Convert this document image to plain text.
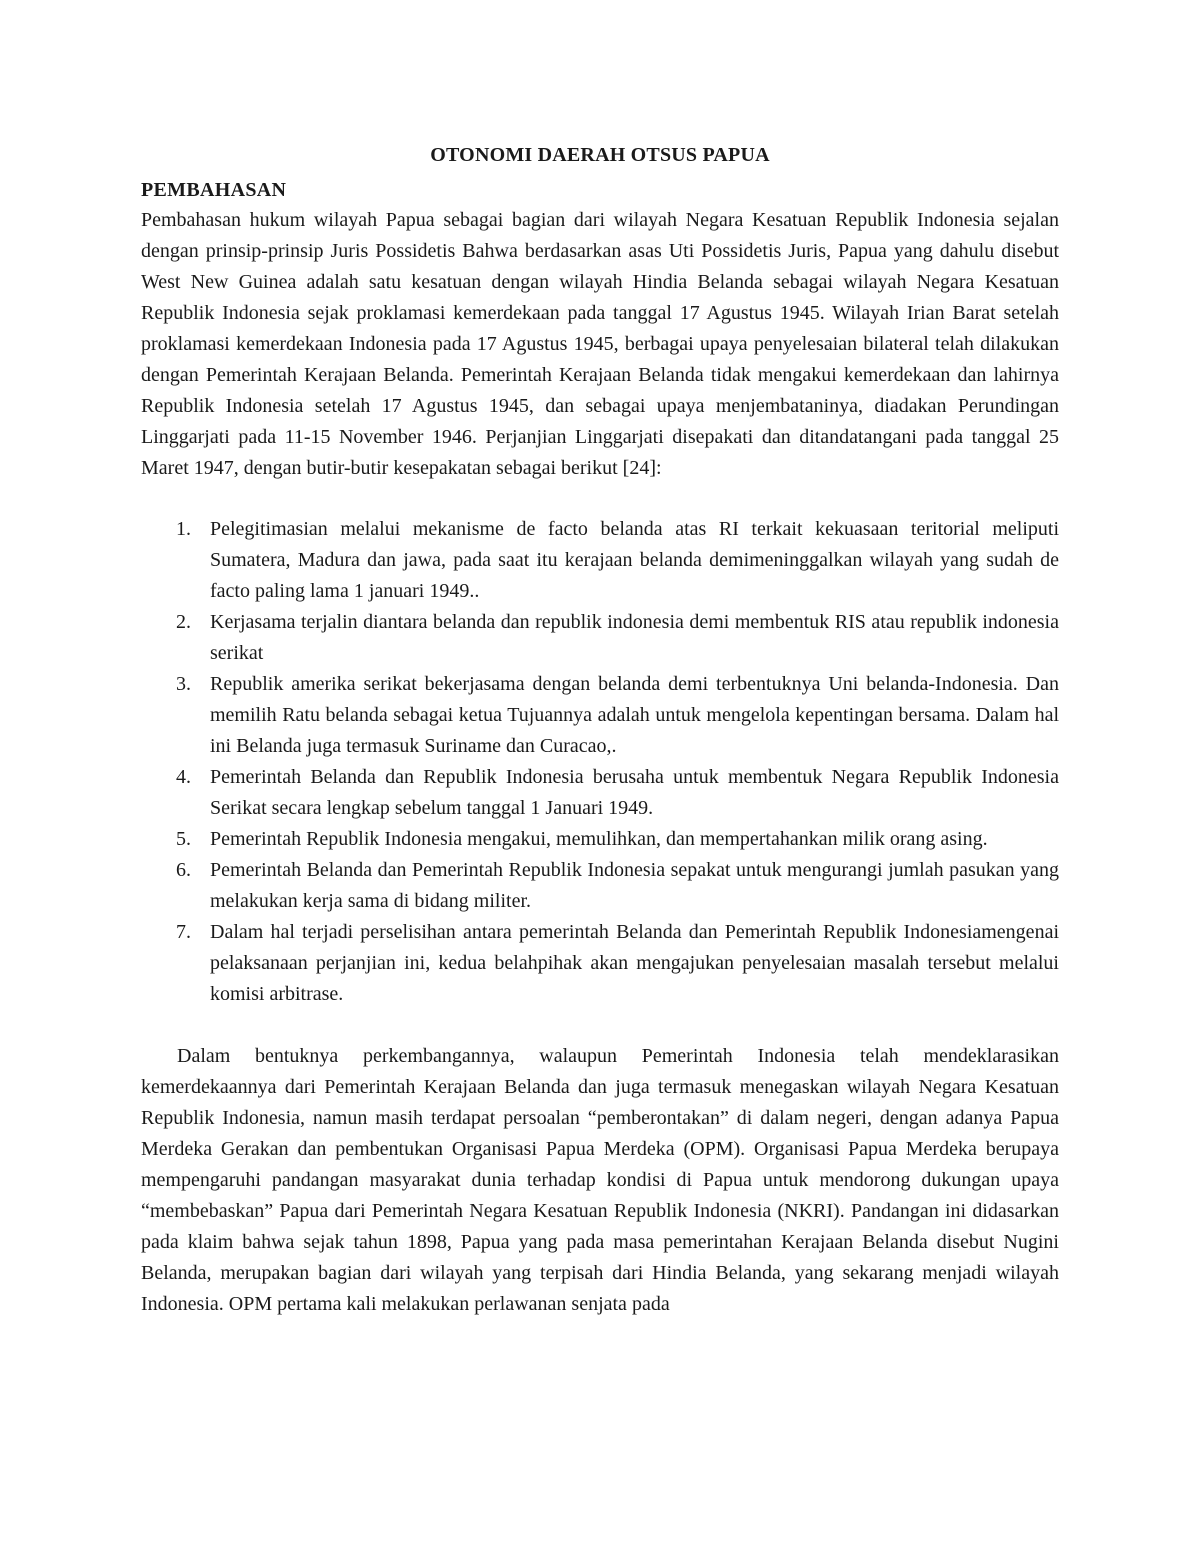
OTONOMI DAERAH OTSUS PAPUA
PEMBAHASAN

Pembahasan hukum wilayah Papua sebagai bagian dari wilayah Negara Kesatuan Republik Indonesia sejalan dengan prinsip-prinsip Juris Possidetis Bahwa berdasarkan asas Uti Possidetis Juris, Papua yang dahulu disebut West New Guinea adalah satu kesatuan dengan wilayah Hindia Belanda sebagai wilayah Negara Kesatuan Republik Indonesia sejak proklamasi kemerdekaan pada tanggal 17 Agustus 1945. Wilayah Irian Barat setelah proklamasi kemerdekaan Indonesia pada 17 Agustus 1945, berbagai upaya penyelesaian bilateral telah dilakukan dengan Pemerintah Kerajaan Belanda. Pemerintah Kerajaan Belanda tidak mengakui kemerdekaan dan lahirnya Republik Indonesia setelah 17 Agustus 1945, dan sebagai upaya menjembataninya, diadakan Perundingan Linggarjati pada 11-15 November 1946. Perjanjian Linggarjati disepakati dan ditandatangani pada tanggal 25 Maret 1947, dengan butir-butir kesepakatan sebagai berikut [24]:

1. Pelegitimasian melalui mekanisme de facto belanda atas RI terkait kekuasaan teritorial meliputi Sumatera, Madura dan jawa, pada saat itu kerajaan belanda demimeninggalkan wilayah yang sudah de facto paling lama 1 januari 1949..
2. Kerjasama terjalin diantara belanda dan republik indonesia demi membentuk RIS atau republik indonesia serikat
3. Republik amerika serikat bekerjasama dengan belanda demi terbentuknya Uni belanda-Indonesia. Dan memilih Ratu belanda sebagai ketua Tujuannya adalah untuk mengelola kepentingan bersama. Dalam hal ini Belanda juga termasuk Suriname dan Curacao,.
4. Pemerintah Belanda dan Republik Indonesia berusaha untuk membentuk Negara Republik Indonesia Serikat secara lengkap sebelum tanggal 1 Januari 1949.
5. Pemerintah Republik Indonesia mengakui, memulihkan, dan mempertahankan milik orang asing.
6. Pemerintah Belanda dan Pemerintah Republik Indonesia sepakat untuk mengurangi jumlah pasukan yang melakukan kerja sama di bidang militer.
7. Dalam hal terjadi perselisihan antara pemerintah Belanda dan Pemerintah Republik Indonesiamengenai pelaksanaan perjanjian ini, kedua belahpihak akan mengajukan penyelesaian masalah tersebut melalui komisi arbitrase.

Dalam bentuknya perkembangannya, walaupun Pemerintah Indonesia telah mendeklarasikan kemerdekaannya dari Pemerintah Kerajaan Belanda dan juga termasuk menegaskan wilayah Negara Kesatuan Republik Indonesia, namun masih terdapat persoalan “pemberontakan” di dalam negeri, dengan adanya Papua Merdeka Gerakan dan pembentukan Organisasi Papua Merdeka (OPM). Organisasi Papua Merdeka berupaya mempengaruhi pandangan masyarakat dunia terhadap kondisi di Papua untuk mendorong dukungan upaya “membebaskan” Papua dari Pemerintah Negara Kesatuan Republik Indonesia (NKRI). Pandangan ini didasarkan pada klaim bahwa sejak tahun 1898, Papua yang pada masa pemerintahan Kerajaan Belanda disebut Nugini Belanda, merupakan bagian dari wilayah yang terpisah dari Hindia Belanda, yang sekarang menjadi wilayah Indonesia. OPM pertama kali melakukan perlawanan senjata pada
